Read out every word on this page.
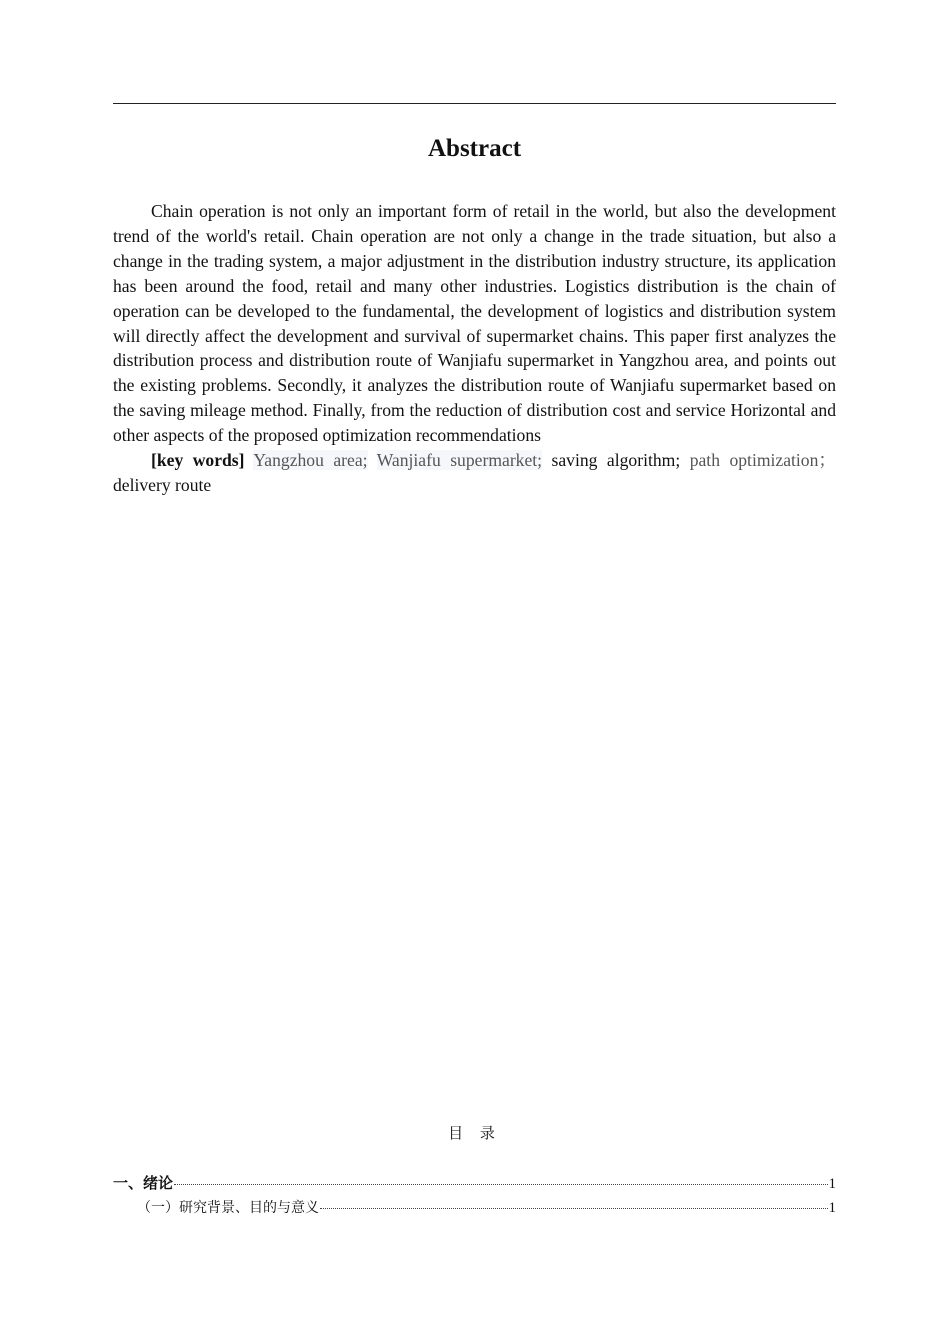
Abstract

Chain operation is not only an important form of retail in the world, but also the development trend of the world's retail. Chain operation are not only a change in the trade situation, but also a change in the trading system, a major adjustment in the distribution industry structure, its application has been around the food, retail and many other industries. Logistics distribution is the chain of operation can be developed to the fundamental, the development of logistics and distribution system will directly affect the development and survival of supermarket chains. This paper first analyzes the distribution process and distribution route of Wanjiafu supermarket in Yangzhou area, and points out the existing problems. Secondly, it analyzes the distribution route of Wanjiafu supermarket based on the saving mileage method. Finally, from the reduction of distribution cost and service Horizontal and other aspects of the proposed optimization recommendations

[key words] Yangzhou area; Wanjiafu supermarket; saving algorithm; path optimization； delivery route

目 录
一、绪论	1
（一）研究背景、目的与意义	1
